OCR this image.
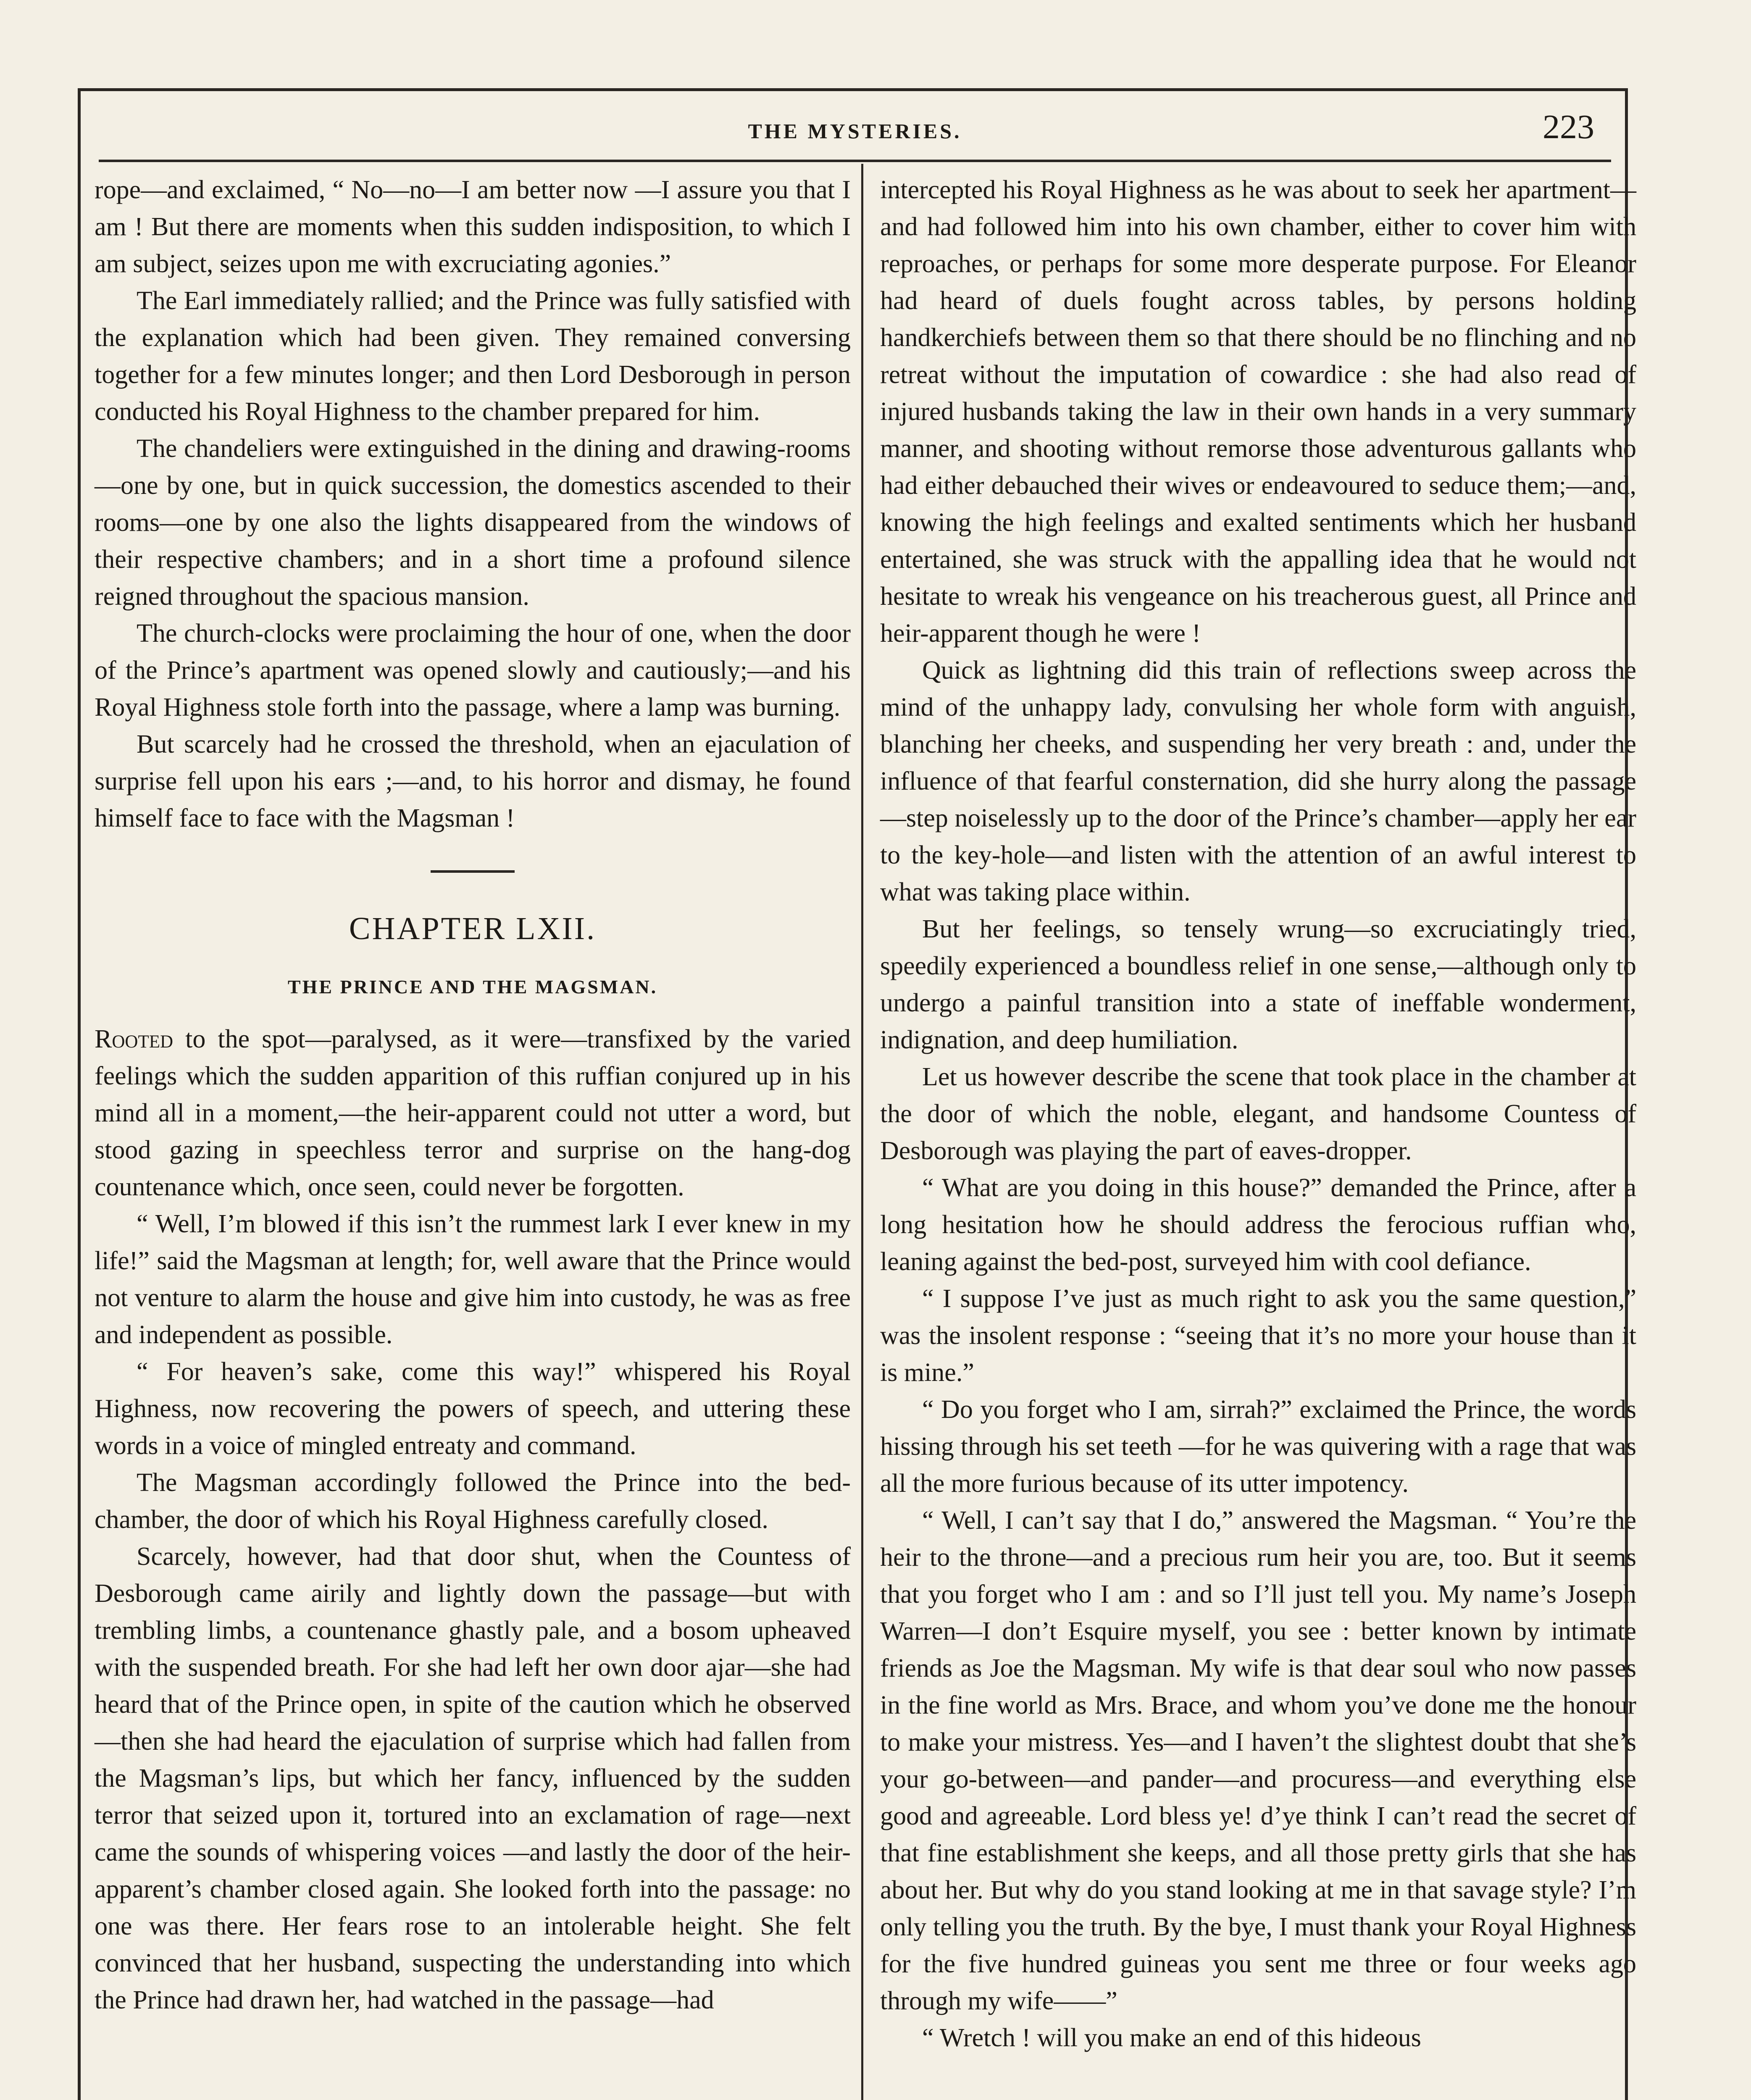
THE MYSTERIES.	223

rope—and exclaimed, “ No—no—I am better now —I assure you that I am ! But there are moments when this sudden indisposition, to which I am subject, seizes upon me with excruciating agonies.”

The Earl immediately rallied; and the Prince was fully satisfied with the explanation which had been given. They remained conversing together for a few minutes longer; and then Lord Desborough in person conducted his Royal Highness to the chamber prepared for him.

The chandeliers were extinguished in the dining and drawing-rooms—one by one, but in quick succession, the domestics ascended to their rooms—one by one also the lights disappeared from the windows of their respective chambers; and in a short time a profound silence reigned throughout the spacious mansion.

The church-clocks were proclaiming the hour of one, when the door of the Prince’s apartment was opened slowly and cautiously;—and his Royal Highness stole forth into the passage, where a lamp was burning.

But scarcely had he crossed the threshold, when an ejaculation of surprise fell upon his ears ;—and, to his horror and dismay, he found himself face to face with the Magsman !

CHAPTER LXII.
THE PRINCE AND THE MAGSMAN.

Rooted to the spot—paralysed, as it were—transfixed by the varied feelings which the sudden apparition of this ruffian conjured up in his mind all in a moment,—the heir-apparent could not utter a word, but stood gazing in speechless terror and surprise on the hang-dog countenance which, once seen, could never be forgotten.

“ Well, I’m blowed if this isn’t the rummest lark I ever knew in my life!” said the Magsman at length; for, well aware that the Prince would not venture to alarm the house and give him into custody, he was as free and independent as possible.

“ For heaven’s sake, come this way!” whispered his Royal Highness, now recovering the powers of speech, and uttering these words in a voice of mingled entreaty and command.

The Magsman accordingly followed the Prince into the bed-chamber, the door of which his Royal Highness carefully closed.

Scarcely, however, had that door shut, when the Countess of Desborough came airily and lightly down the passage—but with trembling limbs, a countenance ghastly pale, and a bosom upheaved with the suspended breath. For she had left her own door ajar—she had heard that of the Prince open, in spite of the caution which he observed—then she had heard the ejaculation of surprise which had fallen from the Magsman’s lips, but which her fancy, influenced by the sudden terror that seized upon it, tortured into an exclamation of rage—next came the sounds of whispering voices —and lastly the door of the heir-apparent’s chamber closed again. She looked forth into the passage: no one was there. Her fears rose to an intolerable height. She felt convinced that her husband, suspecting the understanding into which the Prince had drawn her, had watched in the passage—had

intercepted his Royal Highness as he was about to seek her apartment—and had followed him into his own chamber, either to cover him with reproaches, or perhaps for some more desperate purpose. For Eleanor had heard of duels fought across tables, by persons holding handkerchiefs between them so that there should be no flinching and no retreat without the imputation of cowardice : she had also read of injured husbands taking the law in their own hands in a very summary manner, and shooting without remorse those adventurous gallants who had either debauched their wives or endeavoured to seduce them;—and, knowing the high feelings and exalted sentiments which her husband entertained, she was struck with the appalling idea that he would not hesitate to wreak his vengeance on his treacherous guest, all Prince and heir-apparent though he were !

Quick as lightning did this train of reflections sweep across the mind of the unhappy lady, convulsing her whole form with anguish, blanching her cheeks, and suspending her very breath : and, under the influence of that fearful consternation, did she hurry along the passage—step noiselessly up to the door of the Prince’s chamber—apply her ear to the key-hole—and listen with the attention of an awful interest to what was taking place within.

But her feelings, so tensely wrung—so excruciatingly tried, speedily experienced a boundless relief in one sense,—although only to undergo a painful transition into a state of ineffable wonderment, indignation, and deep humiliation.

Let us however describe the scene that took place in the chamber at the door of which the noble, elegant, and handsome Countess of Desborough was playing the part of eaves-dropper.

“ What are you doing in this house?” demanded the Prince, after a long hesitation how he should address the ferocious ruffian who, leaning against the bed-post, surveyed him with cool defiance.

“ I suppose I’ve just as much right to ask you the same question,” was the insolent response : “seeing that it’s no more your house than it is mine.”

“ Do you forget who I am, sirrah?” exclaimed the Prince, the words hissing through his set teeth —for he was quivering with a rage that was all the more furious because of its utter impotency.

“ Well, I can’t say that I do,” answered the Magsman. “ You’re the heir to the throne—and a precious rum heir you are, too. But it seems that you forget who I am : and so I’ll just tell you. My name’s Joseph Warren—I don’t Esquire myself, you see : better known by intimate friends as Joe the Magsman. My wife is that dear soul who now passes in the fine world as Mrs. Brace, and whom you’ve done me the honour to make your mistress. Yes—and I haven’t the slightest doubt that she’s your go-between—and pander—and procuress—and everything else good and agreeable. Lord bless ye! d’ye think I can’t read the secret of that fine establishment she keeps, and all those pretty girls that she has about her. But why do you stand looking at me in that savage style? I’m only telling you the truth. By the bye, I must thank your Royal Highness for the five hundred guineas you sent me three or four weeks ago through my wife——”

“ Wretch ! will you make an end of this hideous
